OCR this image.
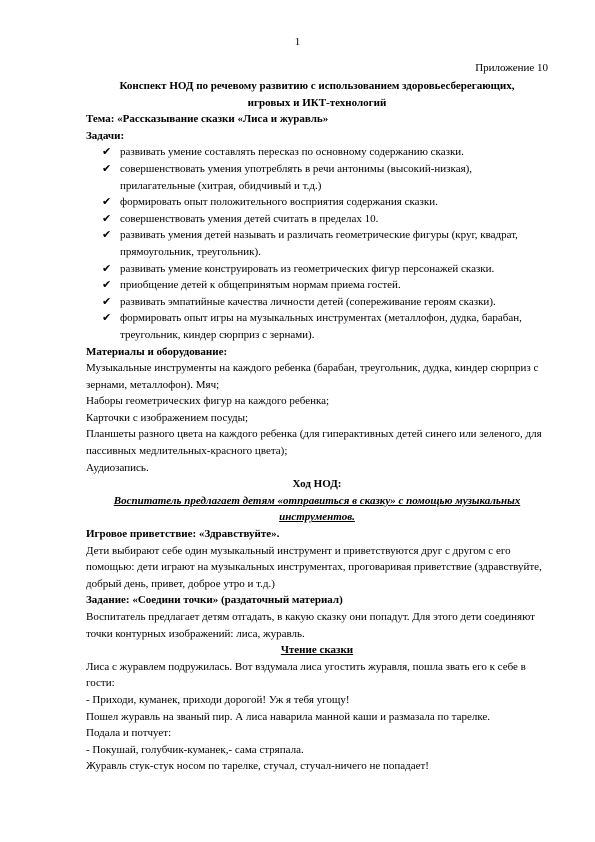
1
Приложение 10

Конспект НОД по речевому развитию с использованием здоровьесберегающих,

игровых и ИКТ-технологий

Тема: «Рассказывание сказки «Лиса и журавль»

Задачи:

✔ развивать умение составлять пересказ по основному содержанию сказки.
✔ совершенствовать умения употреблять в речи антонимы (высокий-низкая), прилагательные (хитрая, обидчивый и т.д.)
✔ формировать опыт положительного восприятия содержания сказки.
✔ совершенствовать умения детей считать в пределах 10.
✔ развивать умения детей называть и различать геометрические фигуры (круг, квадрат, прямоугольник, треугольник).
✔ развивать умение конструировать из геометрических фигур персонажей сказки.
✔ приобщение детей к общепринятым нормам приема гостей.
✔ развивать эмпатийные качества личности детей (сопереживание героям сказки).
✔ формировать опыт игры на музыкальных инструментах (металлофон, дудка, барабан, треугольник, киндер сюрприз с зернами).

Материалы и оборудование:

Музыкальные инструменты на каждого ребенка (барабан, треугольник, дудка, киндер сюрприз с зернами, металлофон). Мяч;

Наборы геометрических фигур на каждого ребенка;

Карточки с изображением посуды;

Планшеты разного цвета на каждого ребенка (для гиперактивных детей синего или зеленого, для пассивных медлительных-красного цвета);

Аудиозапись.

Ход НОД:

Воспитатель предлагает детям «отправиться в сказку» с помощью музыкальных инструментов.

Игровое приветствие: «Здравствуйте».

Дети выбирают себе один музыкальный инструмент и приветствуются друг с другом с его помощью: дети играют на музыкальных инструментах, проговаривая приветствие (здравствуйте, добрый день, привет, доброе утро и т.д.)

Задание: «Соедини точки» (раздаточный материал)

Воспитатель предлагает детям отгадать, в какую сказку они попадут. Для этого дети соединяют точки контурных изображений: лиса, журавль.

Чтение сказки

Лиса с журавлем подружилась. Вот вздумала лиса угостить журавля, пошла звать его к себе в гости:

- Приходи, куманек, приходи дорогой! Уж я тебя угощу!

Пошел журавль на званый пир. А лиса наварила манной каши и размазала по тарелке.

Подала и потчует:

- Покушай, голубчик-куманек,- сама стряпала.

Журавль стук-стук носом по тарелке, стучал, стучал-ничего не попадает!
